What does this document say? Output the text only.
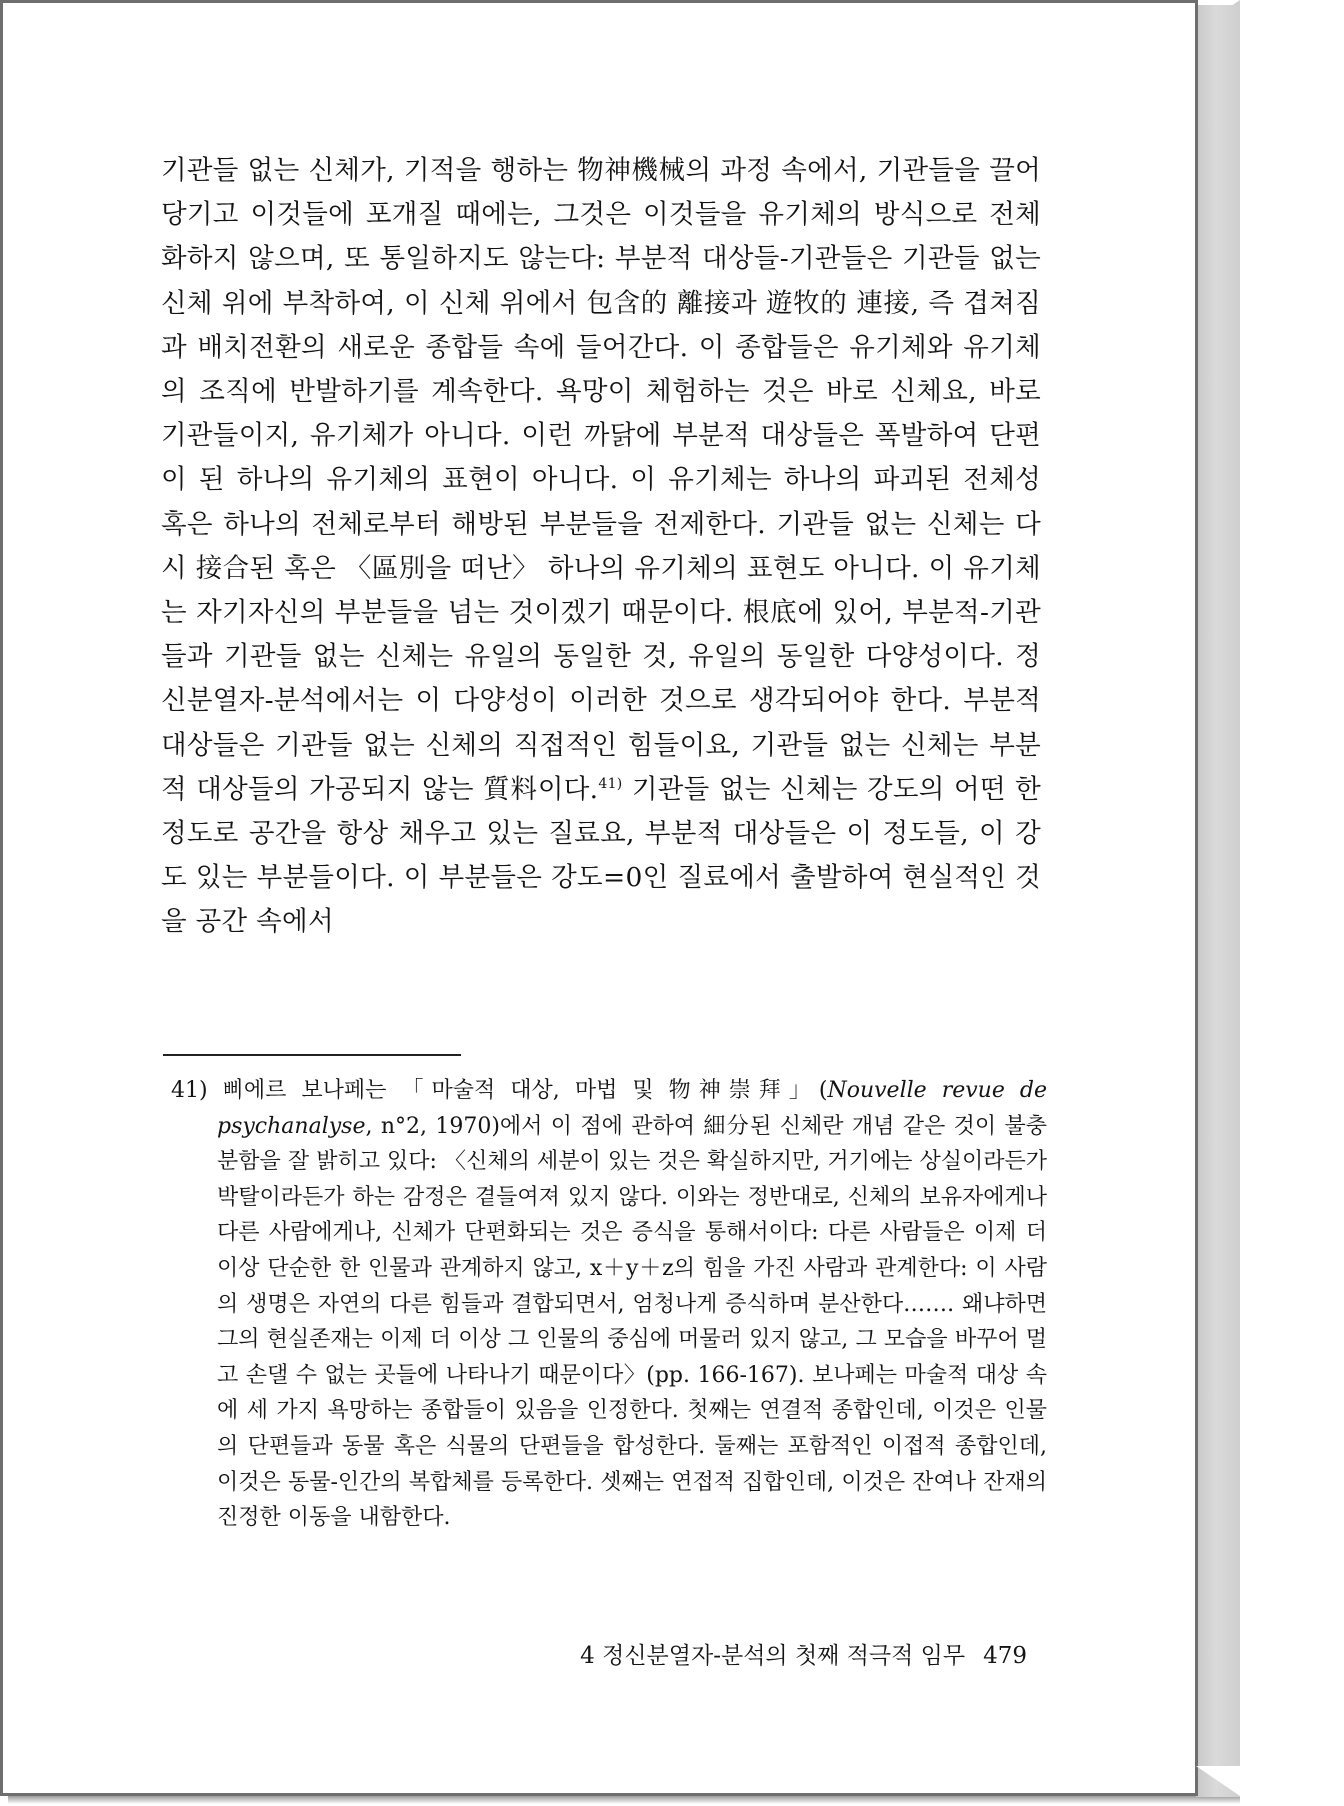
기관들 없는 신체가, 기적을 행하는 物神機械의 과정 속에서, 기관들을 끌어당기고 이것들에 포개질 때에는, 그것은 이것들을 유기체의 방식으로 전체화하지 않으며, 또 통일하지도 않는다: 부분적 대상들-기관들은 기관들 없는 신체 위에 부착하여, 이 신체 위에서 包含的 離接과 遊牧的 連接, 즉 겹쳐짐과 배치전환의 새로운 종합들 속에 들어간다. 이 종합들은 유기체와 유기체의 조직에 반발하기를 계속한다. 욕망이 체험하는 것은 바로 신체요, 바로 기관들이지, 유기체가 아니다. 이런 까닭에 부분적 대상들은 폭발하여 단편이 된 하나의 유기체의 표현이 아니다. 이 유기체는 하나의 파괴된 전체성 혹은 하나의 전체로부터 해방된 부분들을 전제한다. 기관들 없는 신체는 다시 接合된 혹은 〈區別을 떠난〉 하나의 유기체의 표현도 아니다. 이 유기체는 자기자신의 부분들을 넘는 것이겠기 때문이다. 根底에 있어, 부분적-기관들과 기관들 없는 신체는 유일의 동일한 것, 유일의 동일한 다양성이다. 정신분열자-분석에서는 이 다양성이 이러한 것으로 생각되어야 한다. 부분적 대상들은 기관들 없는 신체의 직접적인 힘들이요, 기관들 없는 신체는 부분적 대상들의 가공되지 않는 質料이다.$^{41)}$ 기관들 없는 신체는 강도의 어떤 한 정도로 공간을 항상 채우고 있는 질료요, 부분적 대상들은 이 정도들, 이 강도 있는 부분들이다. 이 부분들은 강도=0인 질료에서 출발하여 현실적인 것을 공간 속에서

41) 삐에르 보나페는 「마술적 대상, 마법 및 物神崇拜」(Nouvelle revue de psychanalyse, n°2, 1970)에서 이 점에 관하여 細分된 신체란 개념 같은 것이 불충분함을 잘 밝히고 있다: 〈신체의 세분이 있는 것은 확실하지만, 거기에는 상실이라든가 박탈이라든가 하는 감정은 곁들여져 있지 않다. 이와는 정반대로, 신체의 보유자에게나 다른 사람에게나, 신체가 단편화되는 것은 증식을 통해서이다: 다른 사람들은 이제 더 이상 단순한 한 인물과 관계하지 않고, x＋y＋z의 힘을 가진 사람과 관계한다: 이 사람의 생명은 자연의 다른 힘들과 결합되면서, 엄청나게 증식하며 분산한다……. 왜냐하면 그의 현실존재는 이제 더 이상 그 인물의 중심에 머물러 있지 않고, 그 모습을 바꾸어 멀고 손댈 수 없는 곳들에 나타나기 때문이다〉(pp. 166-167). 보나페는 마술적 대상 속에 세 가지 욕망하는 종합들이 있음을 인정한다. 첫째는 연결적 종합인데, 이것은 인물의 단편들과 동물 혹은 식물의 단편들을 합성한다. 둘째는 포함적인 이접적 종합인데, 이것은 동물-인간의 복합체를 등록한다. 셋째는 연접적 집합인데, 이것은 잔여나 잔재의 진정한 이동을 내함한다.

4 정신분열자-분석의 첫째 적극적 임무 479
